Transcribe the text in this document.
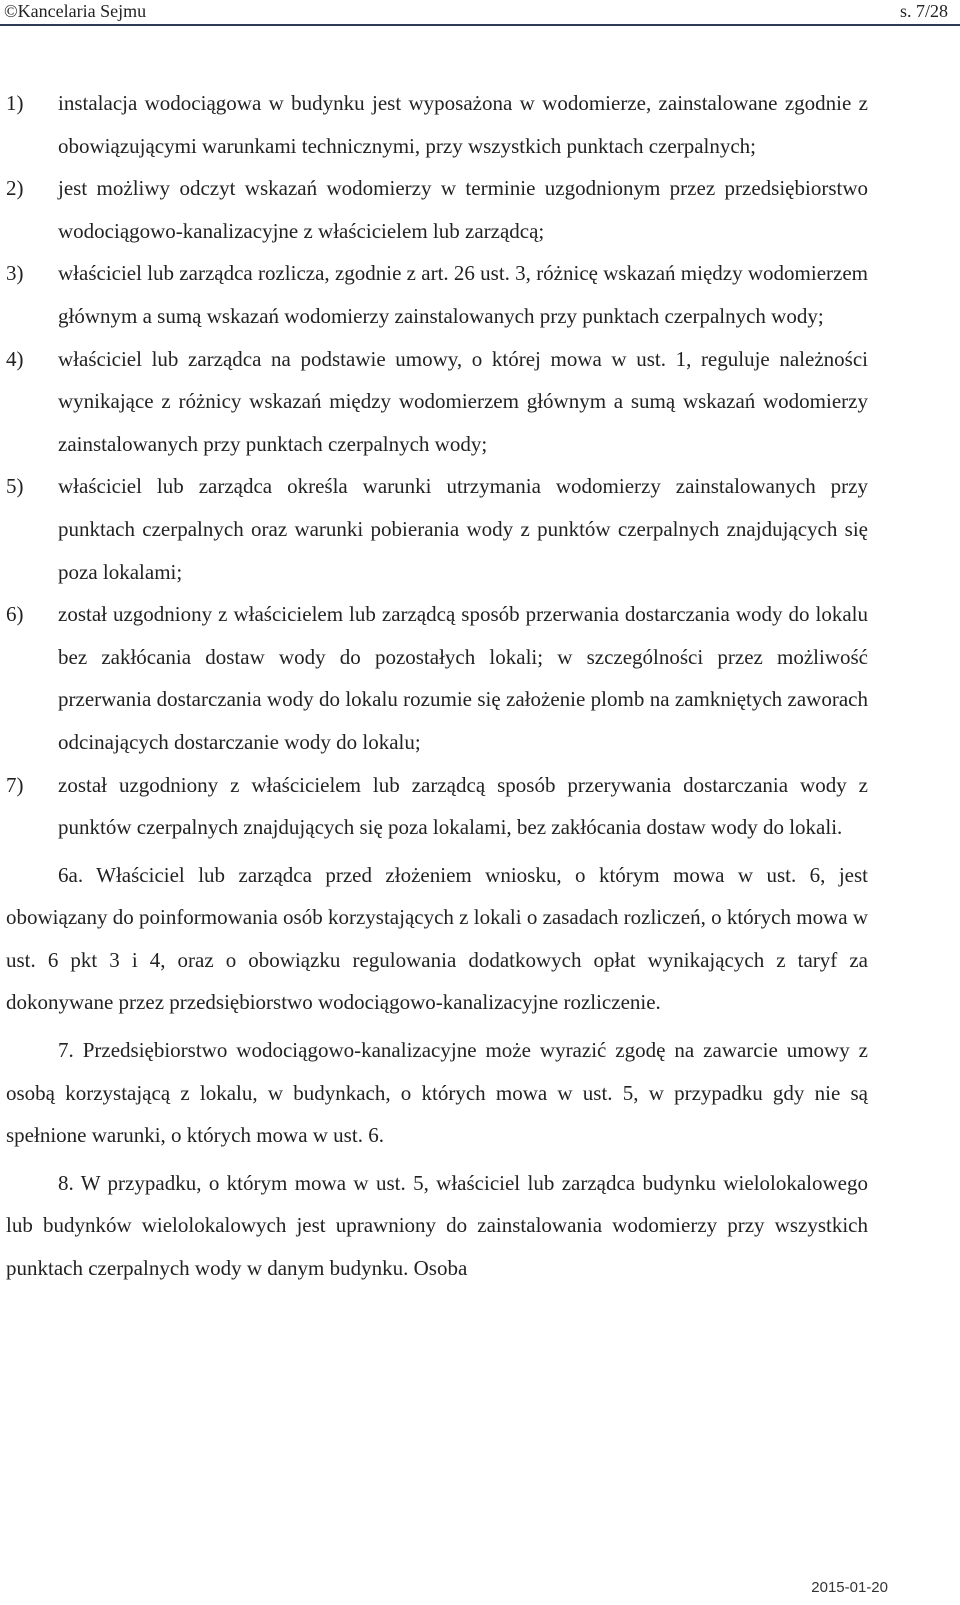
©Kancelaria Sejmu	s. 7/28
1) instalacja wodociągowa w budynku jest wyposażona w wodomierze, zainstalowane zgodnie z obowiązującymi warunkami technicznymi, przy wszystkich punktach czerpalnych;
2) jest możliwy odczyt wskazań wodomierzy w terminie uzgodnionym przez przedsiębiorstwo wodociągowo-kanalizacyjne z właścicielem lub zarządcą;
3) właściciel lub zarządca rozlicza, zgodnie z art. 26 ust. 3, różnicę wskazań między wodomierzem głównym a sumą wskazań wodomierzy zainstalowanych przy punktach czerpalnych wody;
4) właściciel lub zarządca na podstawie umowy, o której mowa w ust. 1, reguluje należności wynikające z różnicy wskazań między wodomierzem głównym a sumą wskazań wodomierzy zainstalowanych przy punktach czerpalnych wody;
5) właściciel lub zarządca określa warunki utrzymania wodomierzy zainstalowanych przy punktach czerpalnych oraz warunki pobierania wody z punktów czerpalnych znajdujących się poza lokalami;
6) został uzgodniony z właścicielem lub zarządcą sposób przerwania dostarczania wody do lokalu bez zakłócania dostaw wody do pozostałych lokali; w szczególności przez możliwość przerwania dostarczania wody do lokalu rozumie się założenie plomb na zamkniętych zaworach odcinających dostarczanie wody do lokalu;
7) został uzgodniony z właścicielem lub zarządcą sposób przerywania dostarczania wody z punktów czerpalnych znajdujących się poza lokalami, bez zakłócania dostaw wody do lokali.

6a. Właściciel lub zarządca przed złożeniem wniosku, o którym mowa w ust. 6, jest obowiązany do poinformowania osób korzystających z lokali o zasadach rozliczeń, o których mowa w ust. 6 pkt 3 i 4, oraz o obowiązku regulowania dodatkowych opłat wynikających z taryf za dokonywane przez przedsiębiorstwo wodociągowo-kanalizacyjne rozliczenie.

7. Przedsiębiorstwo wodociągowo-kanalizacyjne może wyrazić zgodę na zawarcie umowy z osobą korzystającą z lokalu, w budynkach, o których mowa w ust. 5, w przypadku gdy nie są spełnione warunki, o których mowa w ust. 6.

8. W przypadku, o którym mowa w ust. 5, właściciel lub zarządca budynku wielolokalowego lub budynków wielolokalowych jest uprawniony do zainstalowania wodomierzy przy wszystkich punktach czerpalnych wody w danym budynku. Osoba

2015-01-20
